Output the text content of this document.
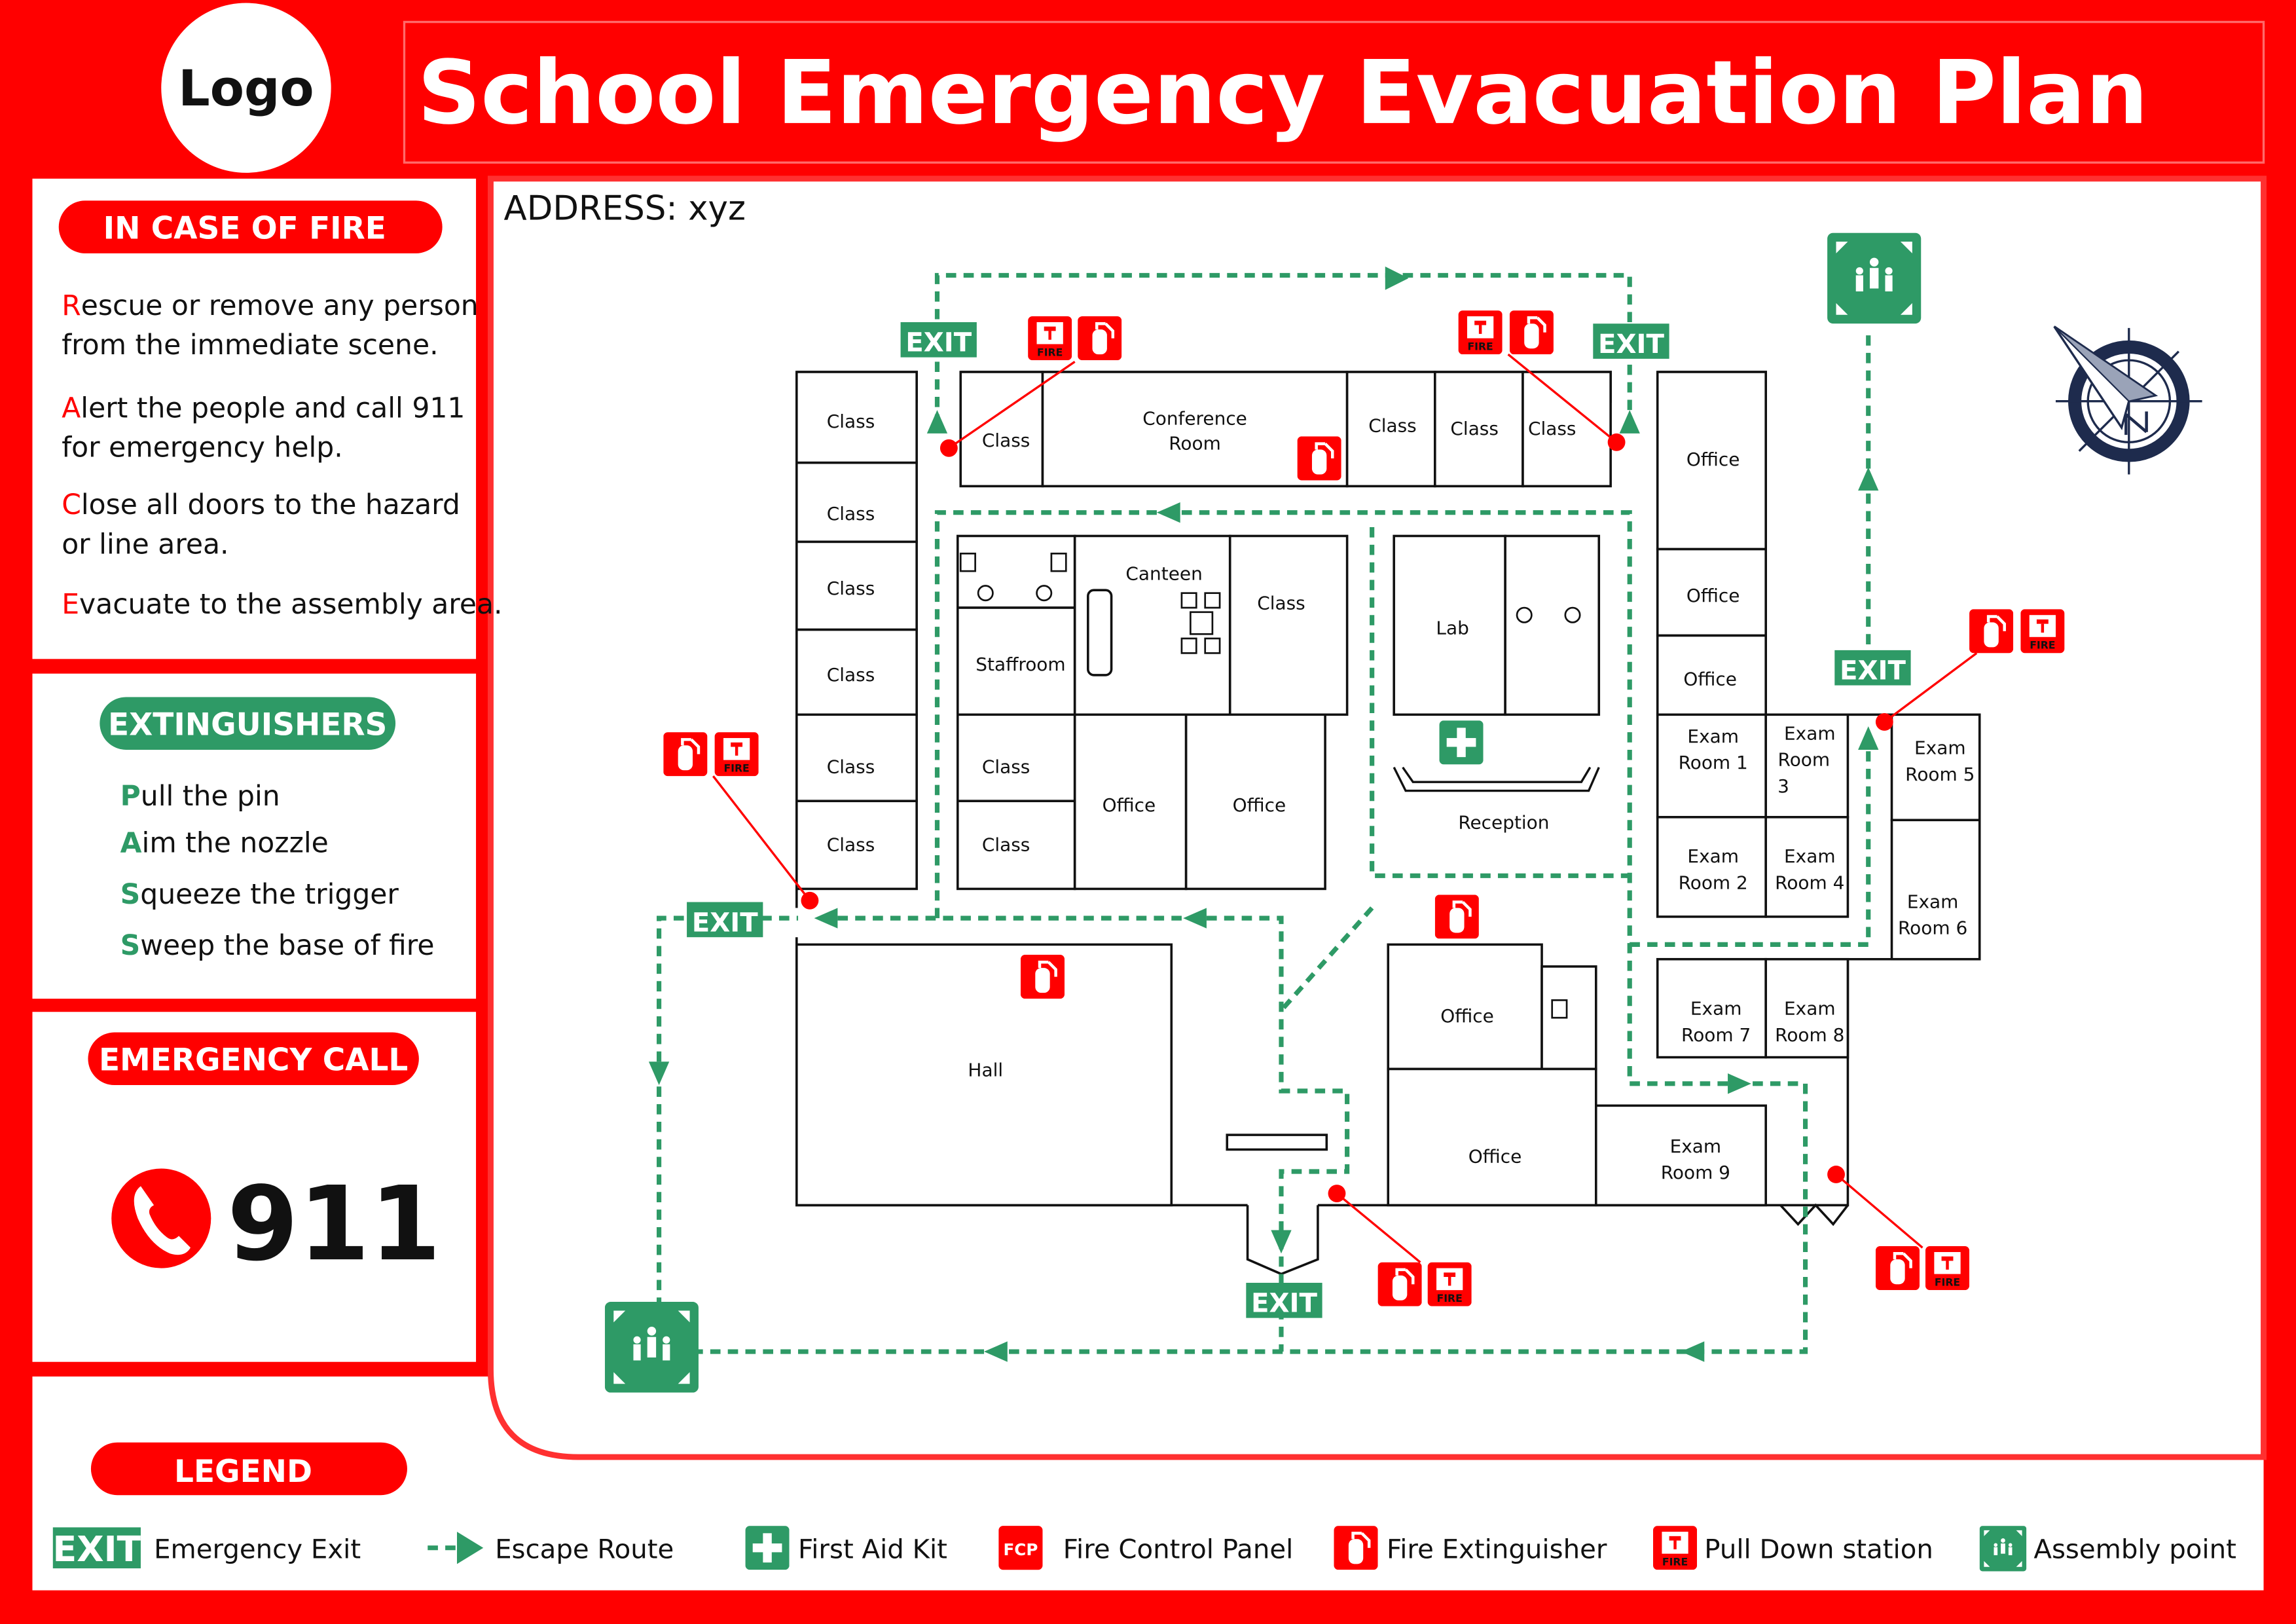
Logo	School Emergency Evacuation Plan
IN CASE OF FIRE
Rescue or remove any person
from the immediate scene.
Alert the people and call 911
for emergency help.
Close all doors to the hazard
or line area.
Evacuate to the assembly area.
EXTINGUISHERS
Pull the pin
Aim the nozzle
Squeeze the trigger
Sweep the base of fire
EMERGENCY CALL
911
LEGEND
EXIT Emergency Exit	Escape Route	First Aid Kit	FCP Fire Control Panel	Fire Extinguisher	FIRE Pull Down station	Assembly point
ADDRESS: xyz
Class
Class
Class
Class
Class
Class
Class
Conference
Room
Class	Class	Class
Office
Office
Office
Canteen
Class
Staffroom
Lab
Reception
Class
Class
Office	Office
Exam
Room 1
Exam
Room
3
Exam
Room 5
Exam
Room 2
Exam
Room 4
Exam
Room 6
Exam
Room 7
Exam
Room 8
Exam
Room 9
Hall
Office
Office
EXIT	EXIT
EXIT
EXIT
EXIT
FIRE	FIRE
FIRE
FIRE
FIRE
FIRE
